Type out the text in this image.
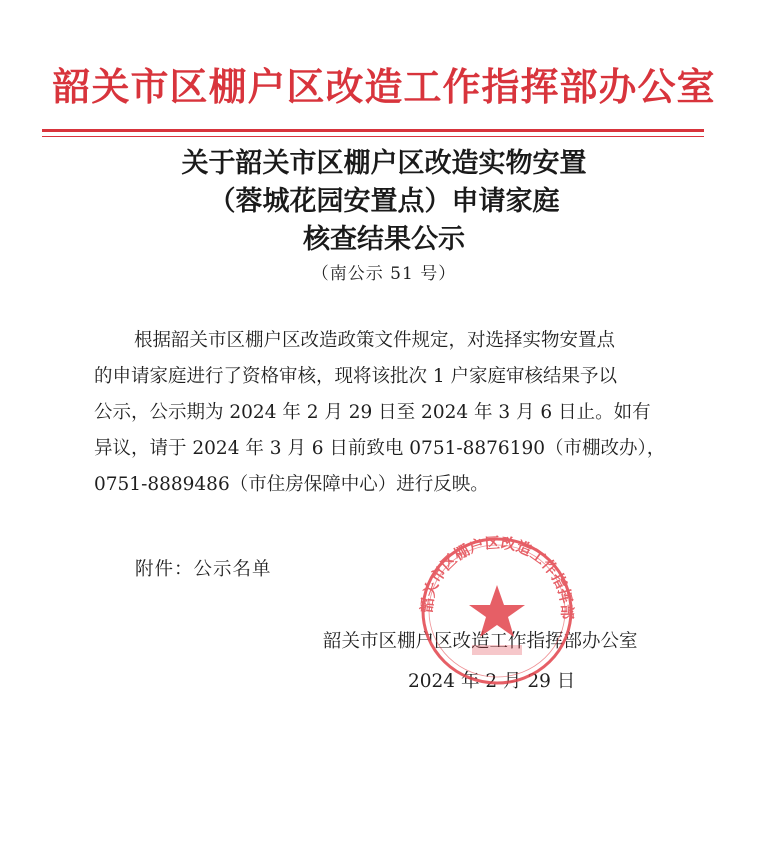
韶关市区棚户区改造工作指挥部办公室
关于韶关市区棚户区改造实物安置
（蓉城花园安置点）申请家庭
核查结果公示
（南公示 51 号）
根据韶关市区棚户区改造政策文件规定，对选择实物安置点
的申请家庭进行了资格审核，现将该批次 1 户家庭审核结果予以
公示，公示期为 2024 年 2 月 29 日至 2024 年 3 月 6 日止。如有
异议，请于 2024 年 3 月 6 日前致电 0751-8876190（市棚改办），
0751-8889486（市住房保障中心）进行反映。
附件：公示名单
韶关市区棚户区改造工作指挥部办公室
2024 年 2 月 29 日
韶关市区棚户区改造工作指挥部
